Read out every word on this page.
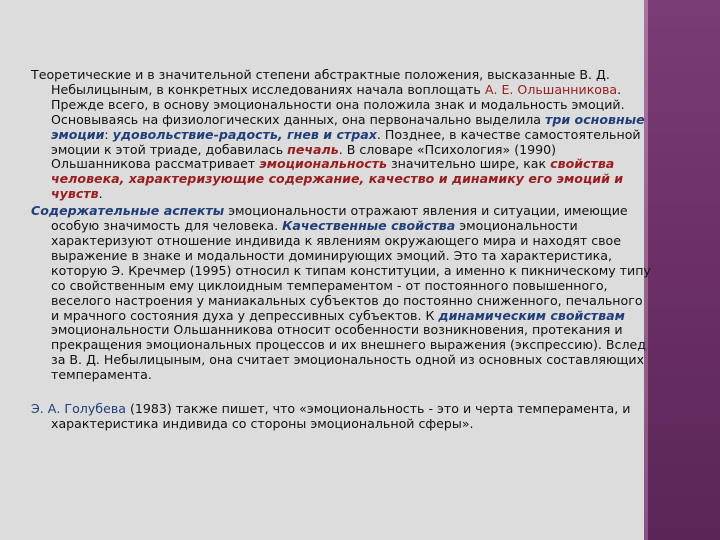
Теоретические и в значительной степени абстрактные положения, высказанные В. Д. Небылицыным, в конкретных исследованиях начала воплощать А. Е. Ольшанникова. Прежде всего, в основу эмоциональности она положила знак и модальность эмоций. Основываясь на физиологических данных, она первоначально выделила три основные эмоции: удовольствие-радость, гнев и страх. Позднее, в качестве самостоятельной эмоции к этой триаде, добавилась печаль. В словаре «Психология» (1990) Ольшанникова рассматривает эмоциональность значительно шире, как свойства человека, характеризующие содержание, качество и динамику его эмоций и чувств.

Содержательные аспекты эмоциональности отражают явления и ситуации, имеющие особую значимость для человека. Качественные свойства эмоциональности характеризуют отношение индивида к явлениям окружающего мира и находят свое выражение в знаке и модальности доминирующих эмоций. Это та характеристика, которую Э. Кречмер (1995) относил к типам конституции, а именно к пикническому типу со свойственным ему циклоидным темпераментом - от постоянного повышенного, веселого настроения у маниакальных субъектов до постоянно сниженного, печального и мрачного состояния духа у депрессивных субъектов. К динамическим свойствам эмоциональности Ольшанникова относит особенности возникновения, протекания и прекращения эмоциональных процессов и их внешнего выражения (экспрессию). Вслед за В. Д. Небылицыным, она считает эмоциональность одной из основных составляющих темперамента.

Э. А. Голубева (1983) также пишет, что «эмоциональность - это и черта темперамента, и характеристика индивида со стороны эмоциональной сферы».
